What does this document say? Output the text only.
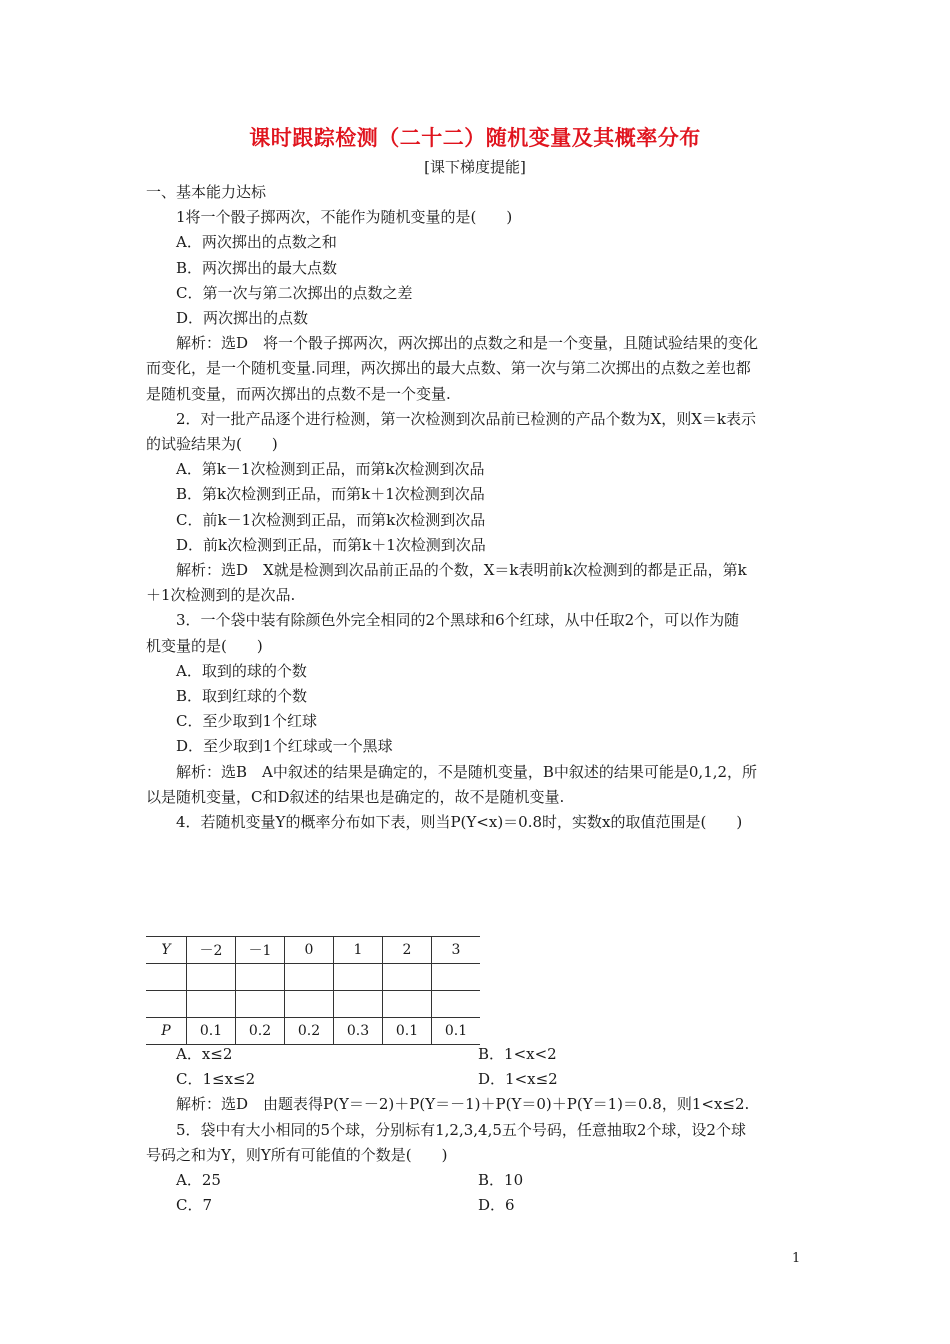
课时跟踪检测（二十二）随机变量及其概率分布
[课下梯度提能]
一、基本能力达标
1将一个骰子掷两次，不能作为随机变量的是(　　)
A．两次掷出的点数之和
B．两次掷出的最大点数
C．第一次与第二次掷出的点数之差
D．两次掷出的点数
解析：选D　将一个骰子掷两次，两次掷出的点数之和是一个变量，且随试验结果的变化
而变化，是一个随机变量.同理，两次掷出的最大点数、第一次与第二次掷出的点数之差也都
是随机变量，而两次掷出的点数不是一个变量.
2．对一批产品逐个进行检测，第一次检测到次品前已检测的产品个数为X，则X＝k表示
的试验结果为(　　)
A．第k－1次检测到正品，而第k次检测到次品
B．第k次检测到正品，而第k＋1次检测到次品
C．前k－1次检测到正品，而第k次检测到次品
D．前k次检测到正品，而第k＋1次检测到次品
解析：选D　X就是检测到次品前正品的个数，X＝k表明前k次检测到的都是正品，第k
＋1次检测到的是次品.
3．一个袋中装有除颜色外完全相同的2个黑球和6个红球，从中任取2个，可以作为随
机变量的是(　　)
A．取到的球的个数
B．取到红球的个数
C．至少取到1个红球
D．至少取到1个红球或一个黑球
解析：选B　A中叙述的结果是确定的，不是随机变量，B中叙述的结果可能是0,1,2，所
以是随机变量，C和D叙述的结果也是确定的，故不是随机变量.
4．若随机变量Y的概率分布如下表，则当P(Y<x)＝0.8时，实数x的取值范围是(　　)
Y	－2	－1	0	1	2	3

P	0.1	0.2	0.2	0.3	0.1	0.1
A．x≤2	B．1<x<2
C．1≤x≤2	D．1<x≤2
解析：选D　由题表得P(Y＝－2)＋P(Y＝－1)＋P(Y＝0)＋P(Y＝1)＝0.8，则1<x≤2.
5．袋中有大小相同的5个球，分别标有1,2,3,4,5五个号码，任意抽取2个球，设2个球
号码之和为Y，则Y所有可能值的个数是(　　)
A．25	B．10
C．7	D．6
1
